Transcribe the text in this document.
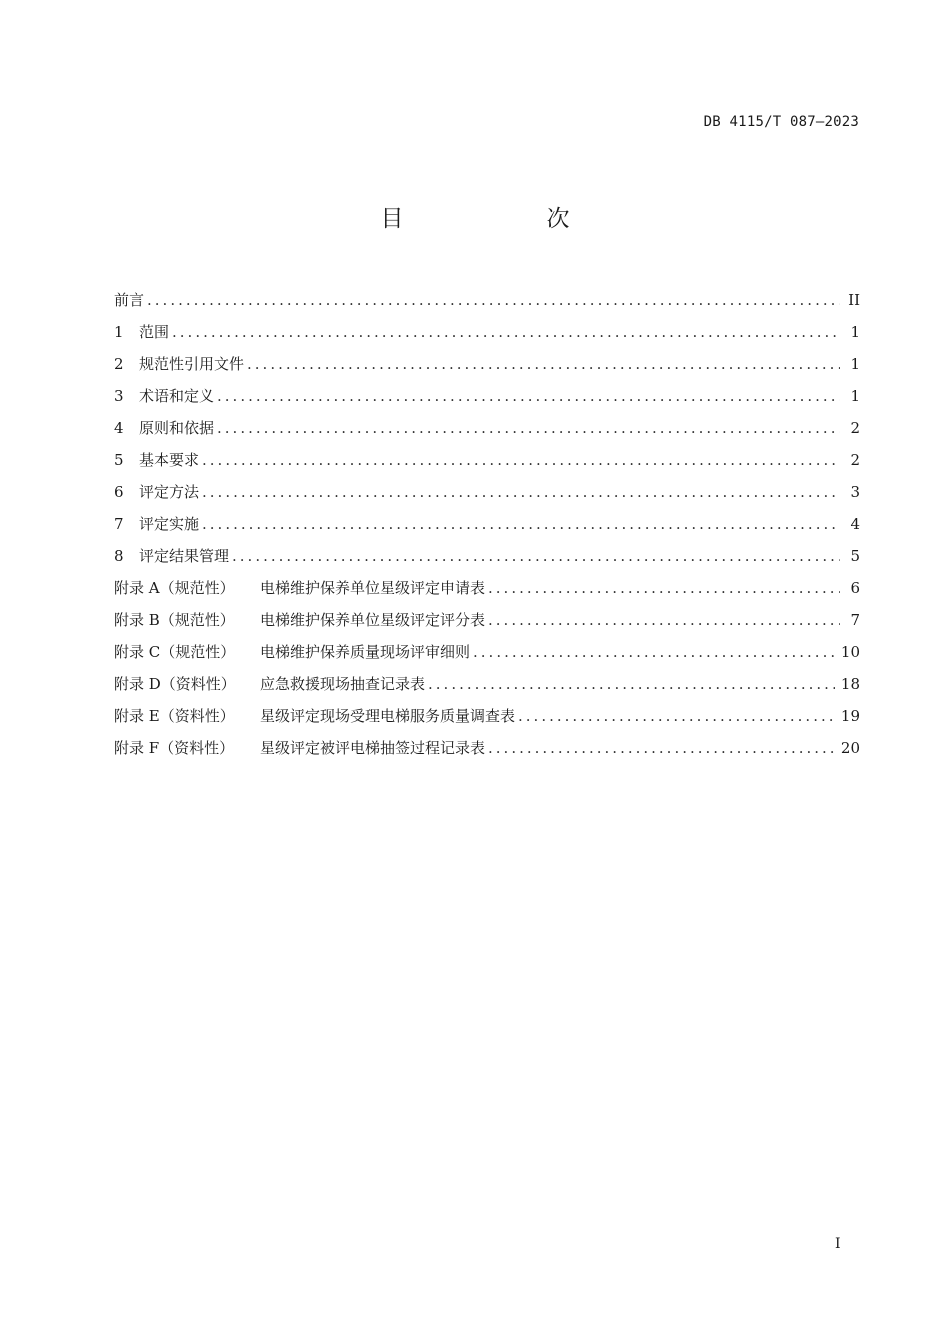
DB 4115/T 087—2023
目　次
前言 .....	II
1	范围 .....	1
2	规范性引用文件 .....	1
3	术语和定义 .....	1
4	原则和依据 .....	2
5	基本要求 .....	2
6	评定方法 .....	3
7	评定实施 .....	4
8	评定结果管理 .....	5
附录 A（规范性）	电梯维护保养单位星级评定申请表 .....	6
附录 B（规范性）	电梯维护保养单位星级评定评分表 .....	7
附录 C（规范性）	电梯维护保养质量现场评审细则 .....	10
附录 D（资料性）	应急救援现场抽查记录表 .....	18
附录 E（资料性）	星级评定现场受理电梯服务质量调查表 .....	19
附录 F（资料性）	星级评定被评电梯抽签过程记录表 .....	20
I
